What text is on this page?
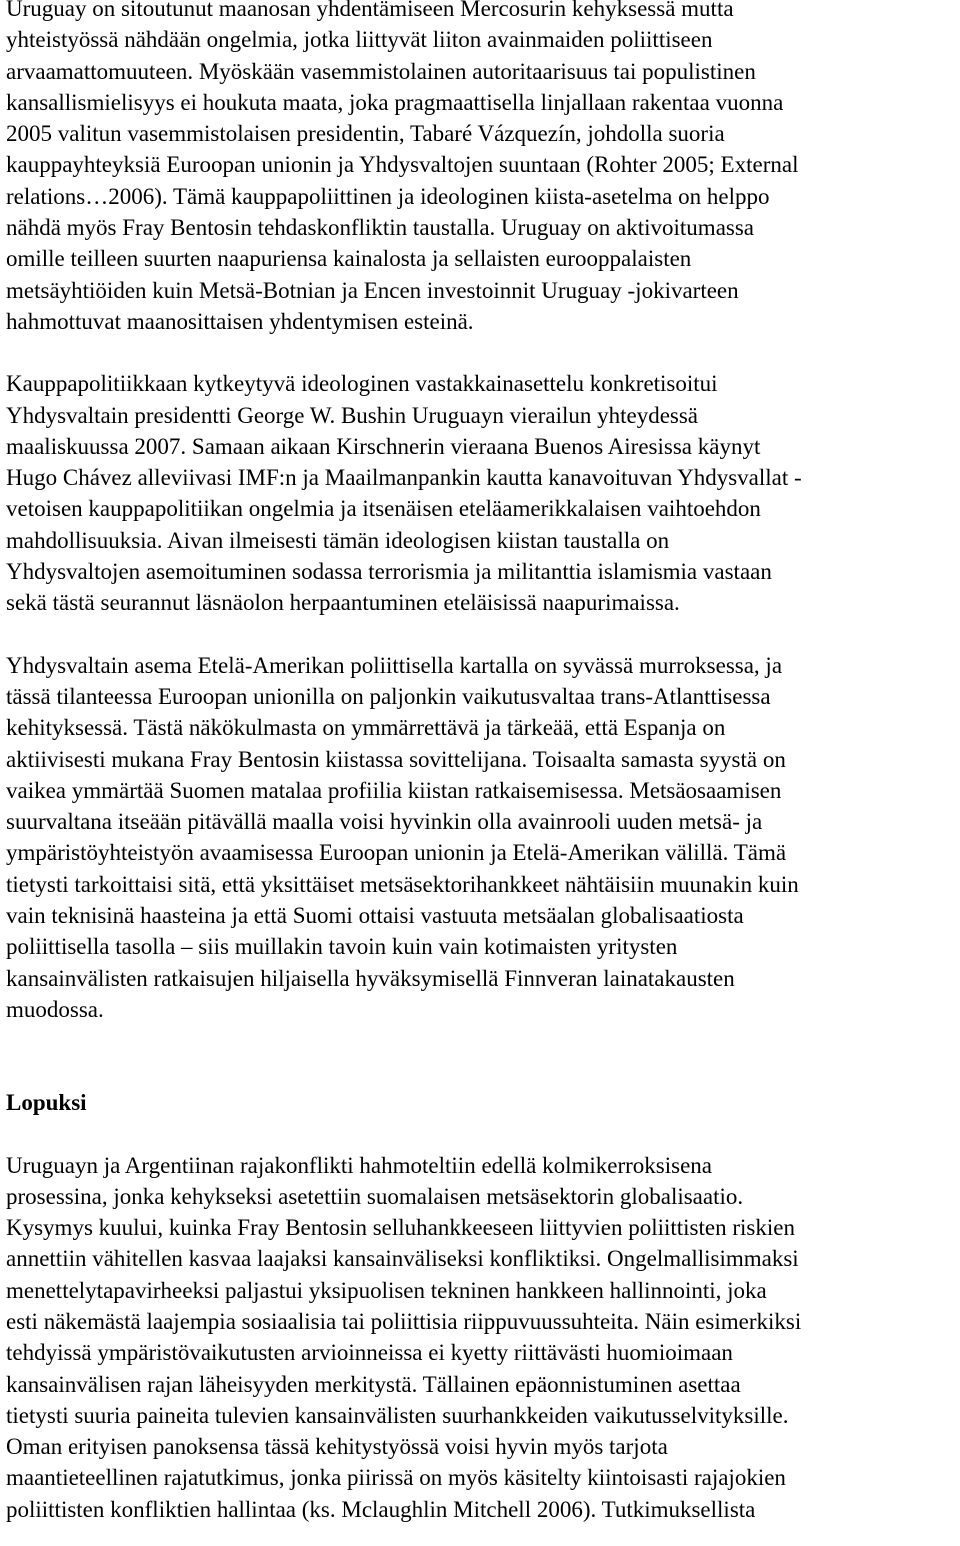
Uruguay on sitoutunut maanosan yhdentämiseen Mercosurin kehyksessä mutta
yhteistyössä nähdään ongelmia, jotka liittyvät liiton avainmaiden poliittiseen
arvaamattomuuteen. Myöskään vasemmistolainen autoritaarisuus tai populistinen
kansallismielisyys ei houkuta maata, joka pragmaattisella linjallaan rakentaa vuonna
2005 valitun vasemmistolaisen presidentin, Tabaré Vázquezín, johdolla suoria
kauppayhteyksiä Euroopan unionin ja Yhdysvaltojen suuntaan (Rohter 2005; External
relations…2006). Tämä kauppapoliittinen ja ideologinen kiista-asetelma on helppo
nähdä myös Fray Bentosin tehdaskonfliktin taustalla. Uruguay on aktivoitumassa
omille teilleen suurten naapuriensa kainalosta ja sellaisten eurooppalaisten
metsäyhtiöiden kuin Metsä-Botnian ja Encen investoinnit Uruguay -jokivarteen
hahmottuvat maanosittaisen yhdentymisen esteinä.
Kauppapolitiikkaan kytkeytyvä ideologinen vastakkainasettelu konkretisoitui
Yhdysvaltain presidentti George W. Bushin Uruguayn vierailun yhteydessä
maaliskuussa 2007. Samaan aikaan Kirschnerin vieraana Buenos Airesissa käynyt
Hugo Chávez alleviivasi IMF:n ja Maailmanpankin kautta kanavoituvan Yhdysvallat -
vetoisen kauppapolitiikan ongelmia ja itsenäisen eteläamerikkalaisen vaihtoehdon
mahdollisuuksia. Aivan ilmeisesti tämän ideologisen kiistan taustalla on
Yhdysvaltojen asemoituminen sodassa terrorismia ja militanttia islamismia vastaan
sekä tästä seurannut läsnäolon herpaantuminen eteläisissä naapurimaissa.
Yhdysvaltain asema Etelä-Amerikan poliittisella kartalla on syvässä murroksessa, ja
tässä tilanteessa Euroopan unionilla on paljonkin vaikutusvaltaa trans-Atlanttisessa
kehityksessä. Tästä näkökulmasta on ymmärrettävä ja tärkeää, että Espanja on
aktiivisesti mukana Fray Bentosin kiistassa sovittelijana. Toisaalta samasta syystä on
vaikea ymmärtää Suomen matalaa profiilia kiistan ratkaisemisessa. Metsäosaamisen
suurvaltana itseään pitävällä maalla voisi hyvinkin olla avainrooli uuden metsä- ja
ympäristöyhteistyön avaamisessa Euroopan unionin ja Etelä-Amerikan välillä. Tämä
tietysti tarkoittaisi sitä, että yksittäiset metsäsektorihankkeet nähtäisiin muunakin kuin
vain teknisinä haasteina ja että Suomi ottaisi vastuuta metsäalan globalisaatiosta
poliittisella tasolla – siis muillakin tavoin kuin vain kotimaisten yritysten
kansainvälisten ratkaisujen hiljaisella hyväksymisellä Finnveran lainatakausten
muodossa.
Lopuksi
Uruguayn ja Argentiinan rajakonflikti hahmoteltiin edellä kolmikerroksisena
prosessina, jonka kehykseksi asetettiin suomalaisen metsäsektorin globalisaatio.
Kysymys kuului, kuinka Fray Bentosin selluhankkeeseen liittyvien poliittisten riskien
annettiin vähitellen kasvaa laajaksi kansainväliseksi konfliktiksi. Ongelmallisimmaksi
menettelytapavirheeksi paljastui yksipuolisen tekninen hankkeen hallinnointi, joka
esti näkemästä laajempia sosiaalisia tai poliittisia riippuvuussuhteita. Näin esimerkiksi
tehdyissä ympäristövaikutusten arvioinneissa ei kyetty riittävästi huomioimaan
kansainvälisen rajan läheisyyden merkitystä. Tällainen epäonnistuminen asettaa
tietysti suuria paineita tulevien kansainvälisten suurhankkeiden vaikutusselvityksille.
Oman erityisen panoksensa tässä kehitystyössä voisi hyvin myös tarjota
maantieteellinen rajatutkimus, jonka piirissä on myös käsitelty kiintoisasti rajajokien
poliittisten konfliktien hallintaa (ks. Mclaughlin Mitchell 2006). Tutkimuksellista
